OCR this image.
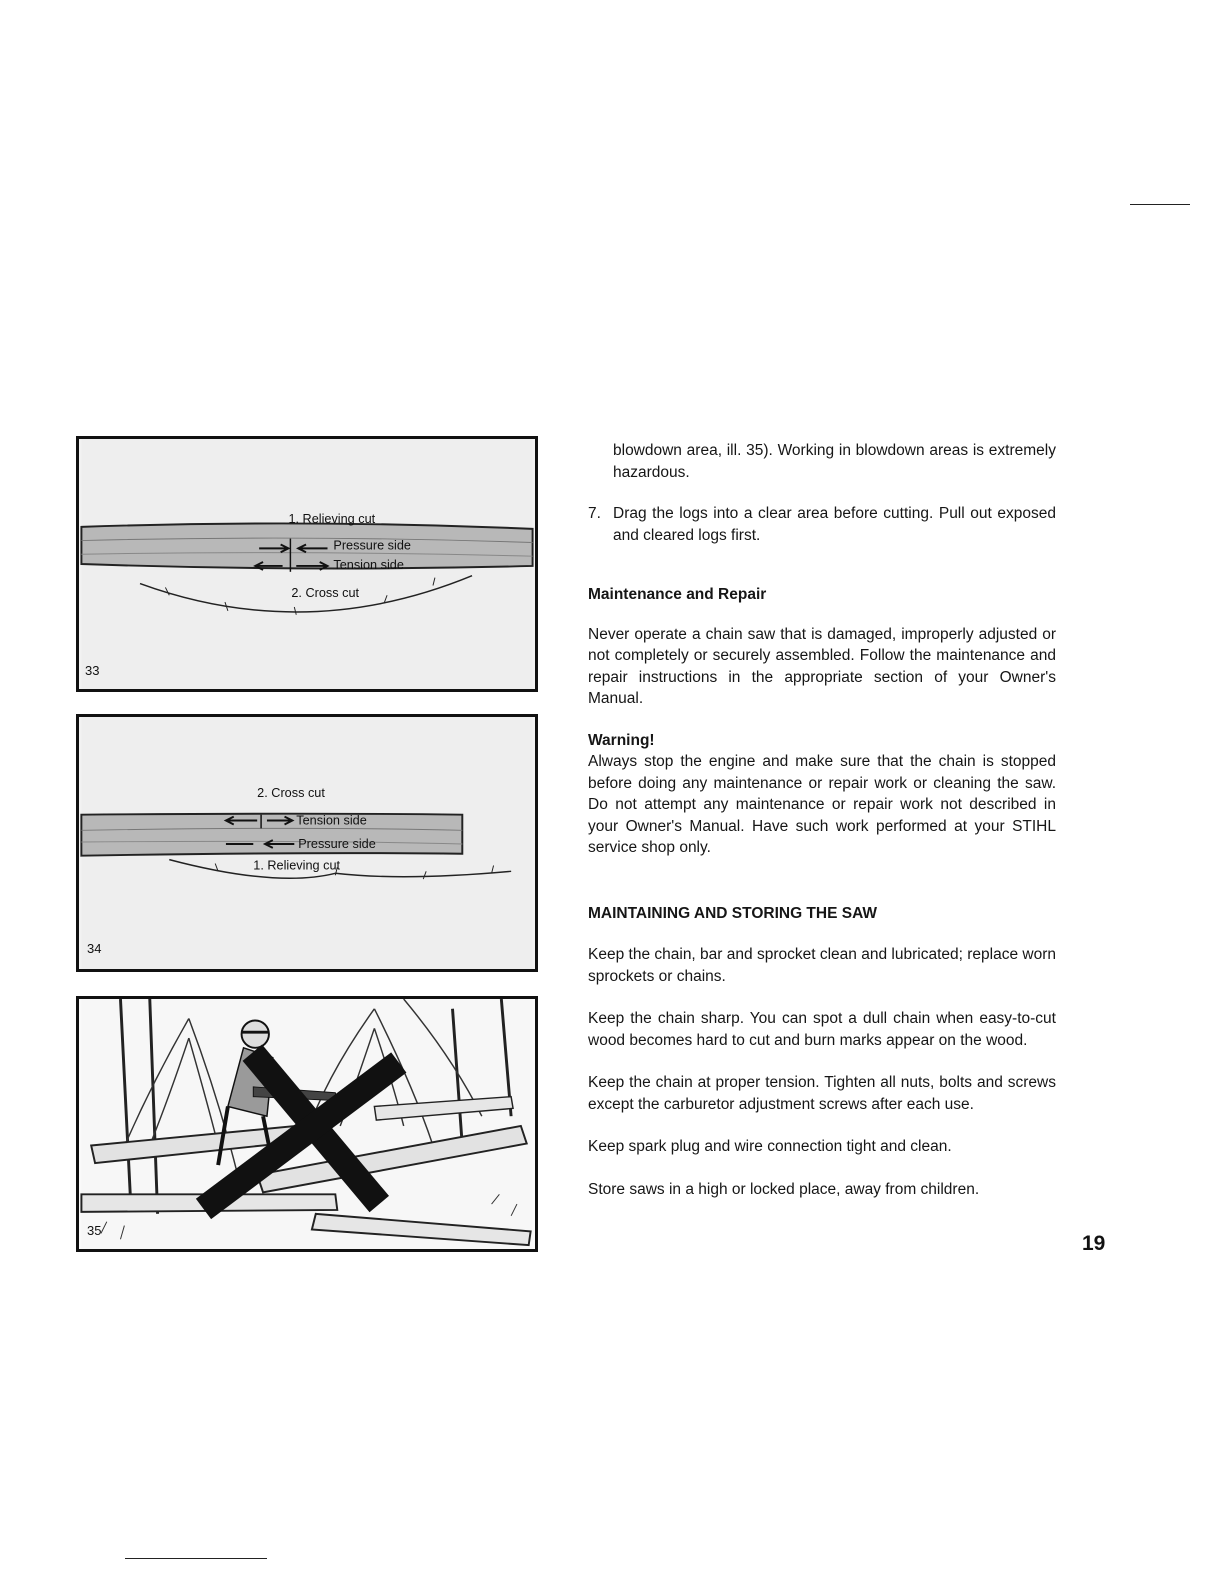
1. Relieving cut
Pressure side
Tension side
2. Cross cut
33
2. Cross cut
Tension side
Pressure side
1. Relieving cut
34
35

blowdown area, ill. 35). Working in blowdown areas is extremely hazardous.

7. Drag the logs into a clear area before cutting. Pull out exposed and cleared logs first.

Maintenance and Repair

Never operate a chain saw that is damaged, improperly adjusted or not completely or securely assembled. Follow the maintenance and repair instructions in the appropriate section of your Owner's Manual.

Warning!

Always stop the engine and make sure that the chain is stopped before doing any maintenance or repair work or cleaning the saw. Do not attempt any maintenance or repair work not described in your Owner's Manual. Have such work performed at your STIHL service shop only.

MAINTAINING AND STORING THE SAW

Keep the chain, bar and sprocket clean and lubricated; replace worn sprockets or chains.

Keep the chain sharp. You can spot a dull chain when easy-to-cut wood becomes hard to cut and burn marks appear on the wood.

Keep the chain at proper tension. Tighten all nuts, bolts and screws except the carburetor adjustment screws after each use.

Keep spark plug and wire connection tight and clean.

Store saws in a high or locked place, away from children.

19
